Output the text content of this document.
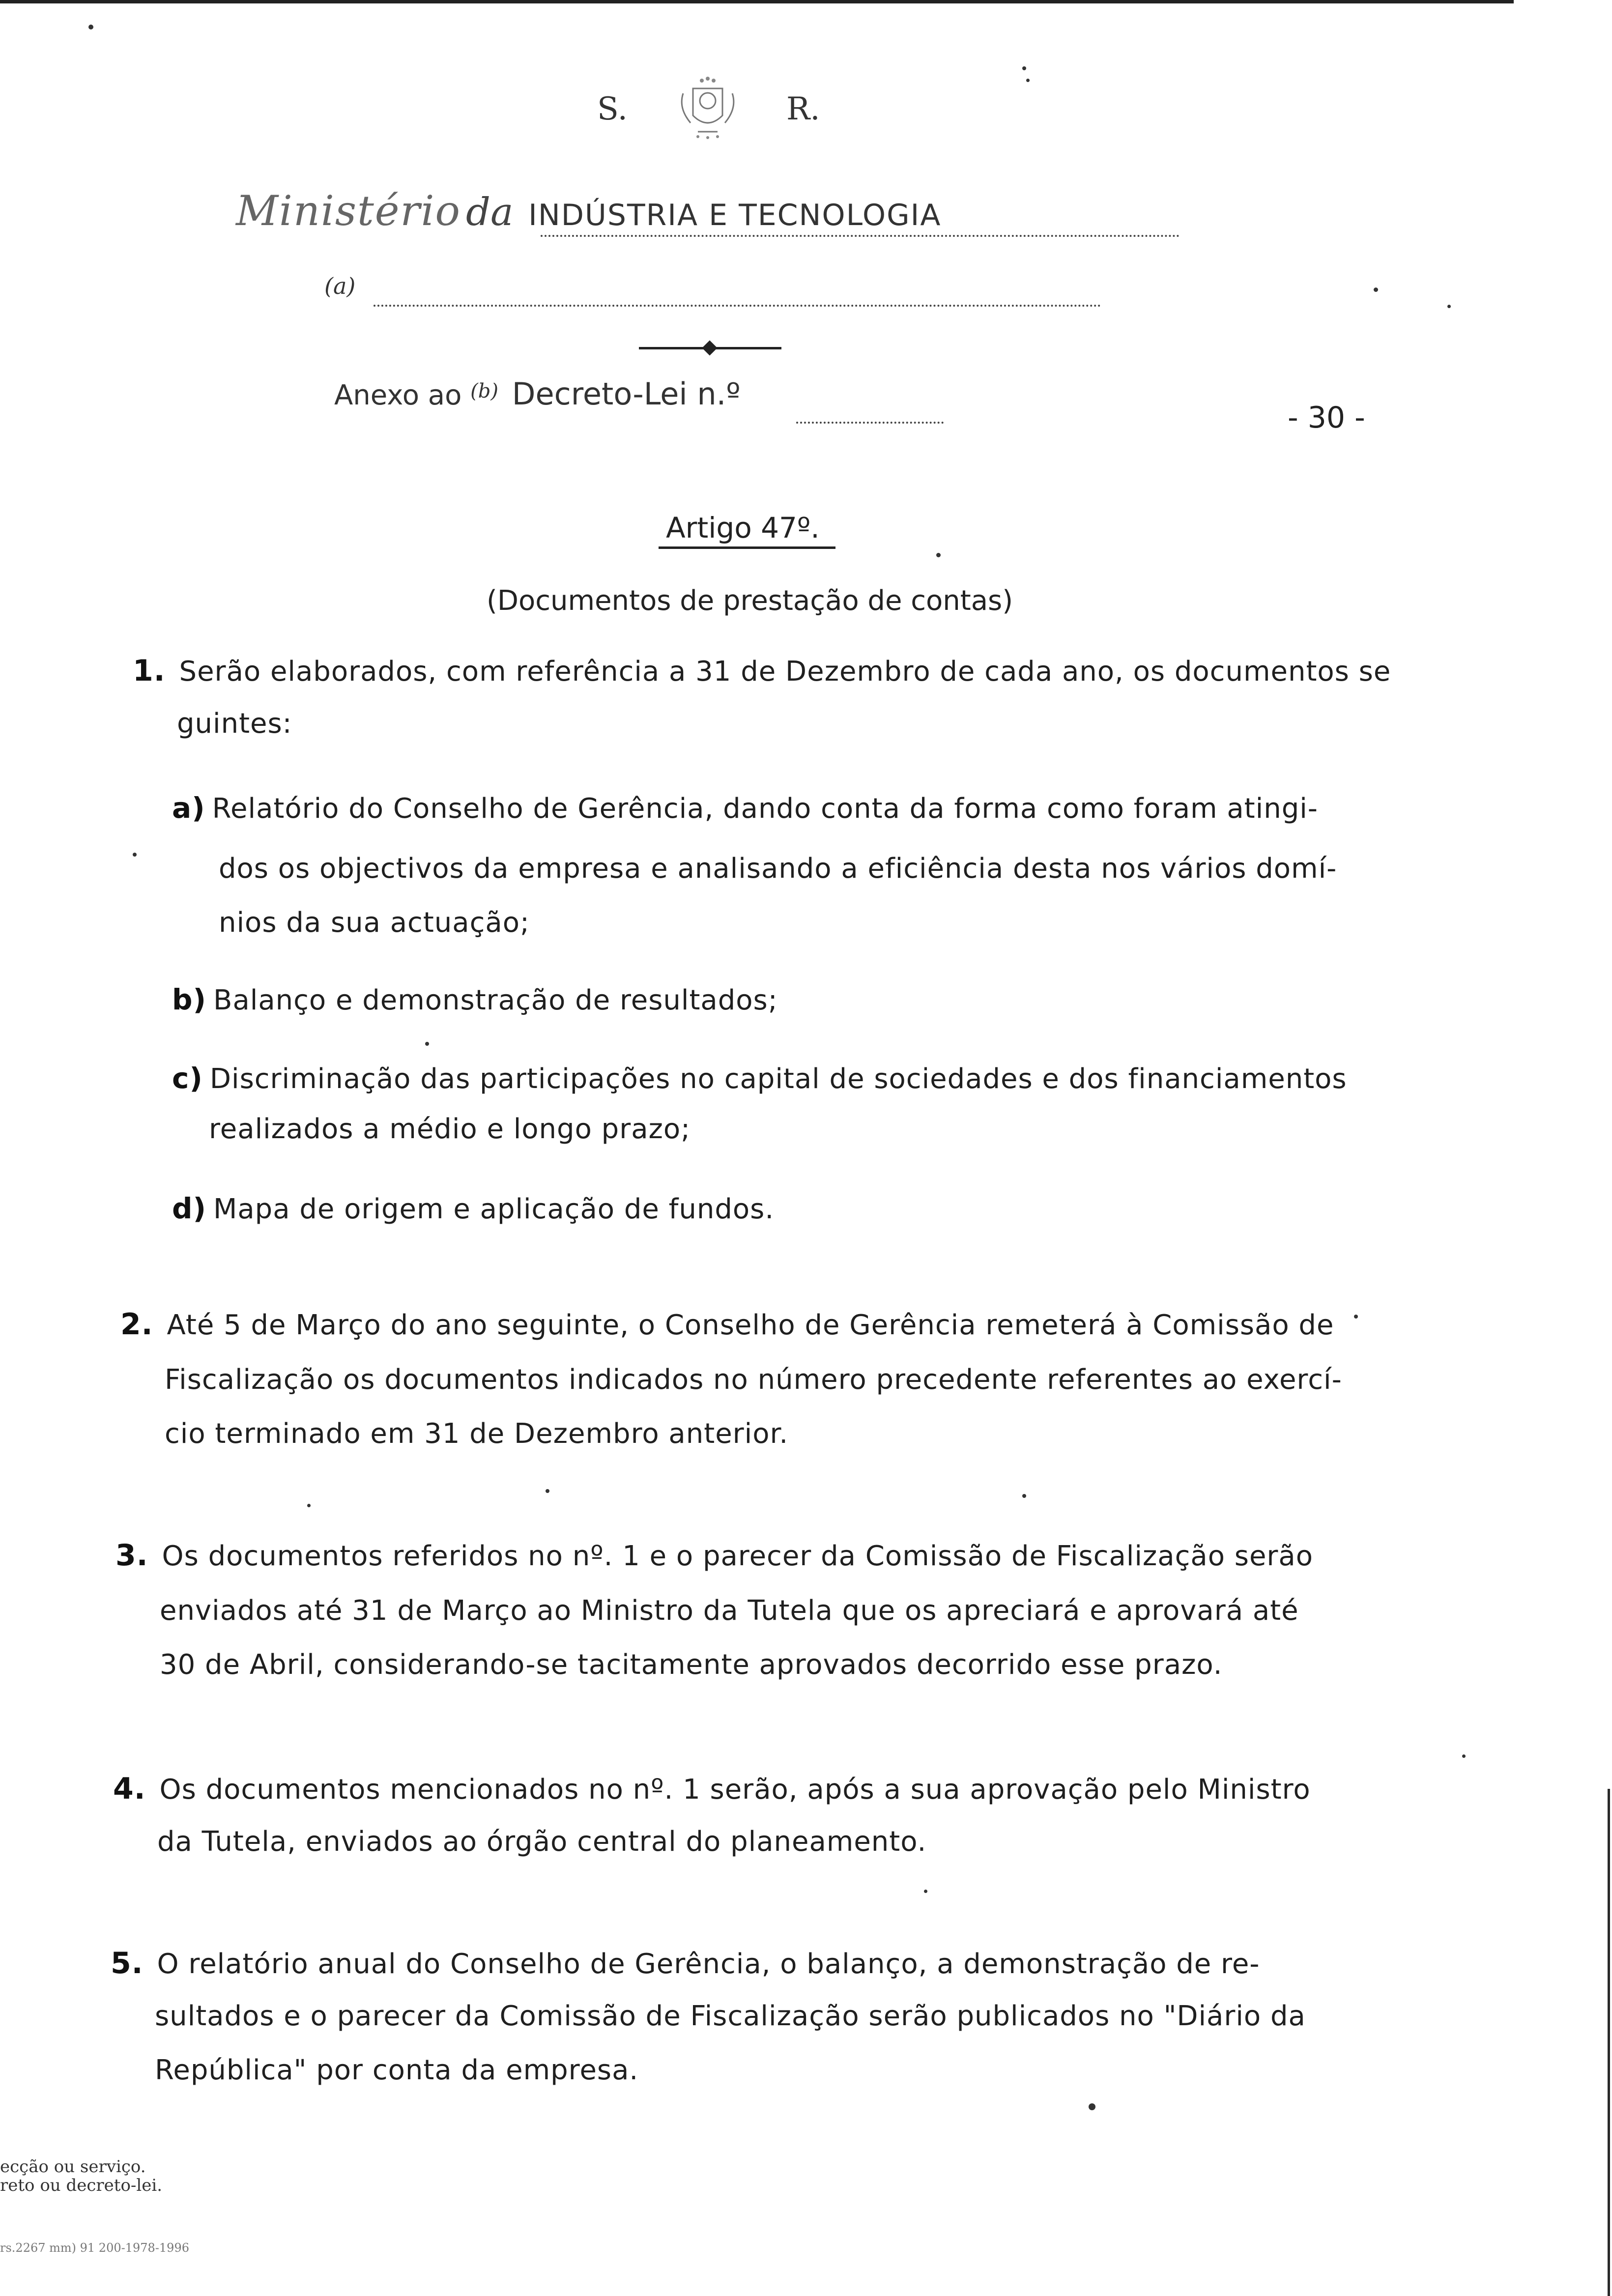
S.	R.
Ministério da INDÚSTRIA E TECNOLOGIA
(a)
Anexo ao $^{(b)}$ Decreto-Lei n.º
- 30 -
Artigo 47º.
(Documentos de prestação de contas)
1. Serão elaborados, com referência a 31 de Dezembro de cada ano, os documentos se
guintes:
a) Relatório do Conselho de Gerência, dando conta da forma como foram atingi-
dos os objectivos da empresa e analisando a eficiência desta nos vários domí-
nios da sua actuação;
b) Balanço e demonstração de resultados;
c) Discriminação das participações no capital de sociedades e dos financiamentos
realizados a médio e longo prazo;
d) Mapa de origem e aplicação de fundos.
2. Até 5 de Março do ano seguinte, o Conselho de Gerência remeterá à Comissão de
Fiscalização os documentos indicados no número precedente referentes ao exercí-
cio terminado em 31 de Dezembro anterior.
3. Os documentos referidos no nº. 1 e o parecer da Comissão de Fiscalização serão
enviados até 31 de Março ao Ministro da Tutela que os apreciará e aprovará até
30 de Abril, considerando-se tacitamente aprovados decorrido esse prazo.
4. Os documentos mencionados no nº. 1 serão, após a sua aprovação pelo Ministro
da Tutela, enviados ao órgão central do planeamento.
5. O relatório anual do Conselho de Gerência, o balanço, a demonstração de re-
sultados e o parecer da Comissão de Fiscalização serão publicados no "Diário da
República" por conta da empresa.
ecção ou serviço.
reto ou decreto-lei.
rs.2267 mm) 91 200-1978-1996
